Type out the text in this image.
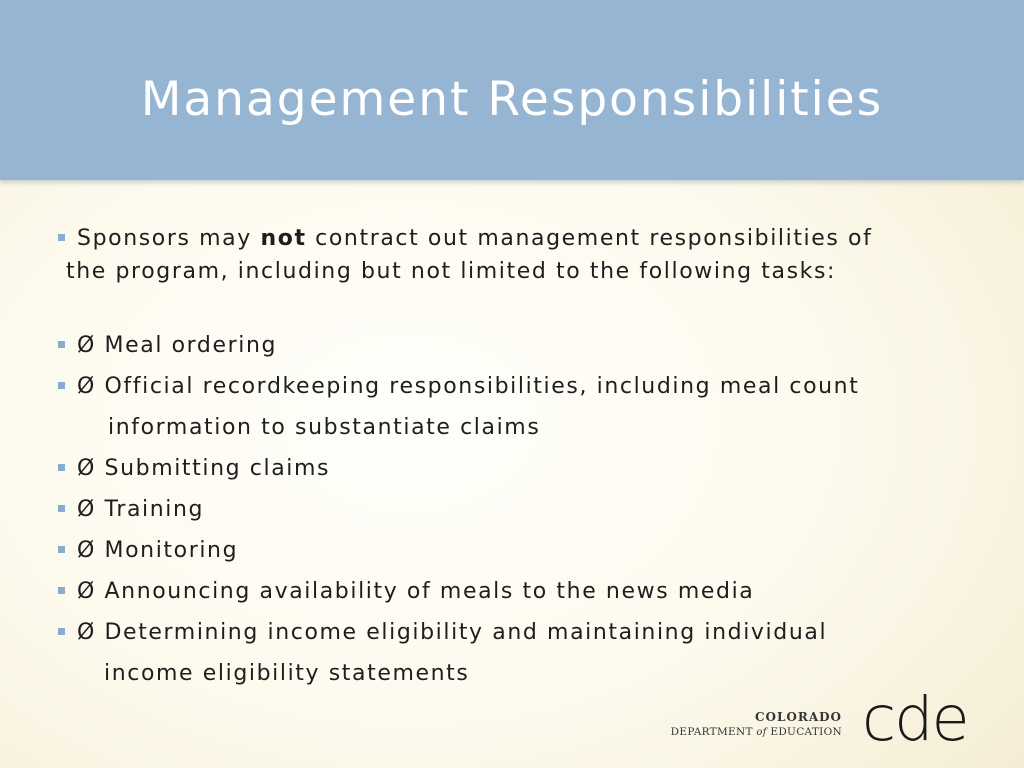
Management Responsibilities
Sponsors may not contract out management responsibilities of
the program, including but not limited to the following tasks:
Ø Meal ordering
Ø Official recordkeeping responsibilities, including meal count
information to substantiate claims
Ø Submitting claims
Ø Training
Ø Monitoring
Ø Announcing availability of meals to the news media
Ø Determining income eligibility and maintaining individual
income eligibility statements
COLORADO
DEPARTMENT of EDUCATION cde
